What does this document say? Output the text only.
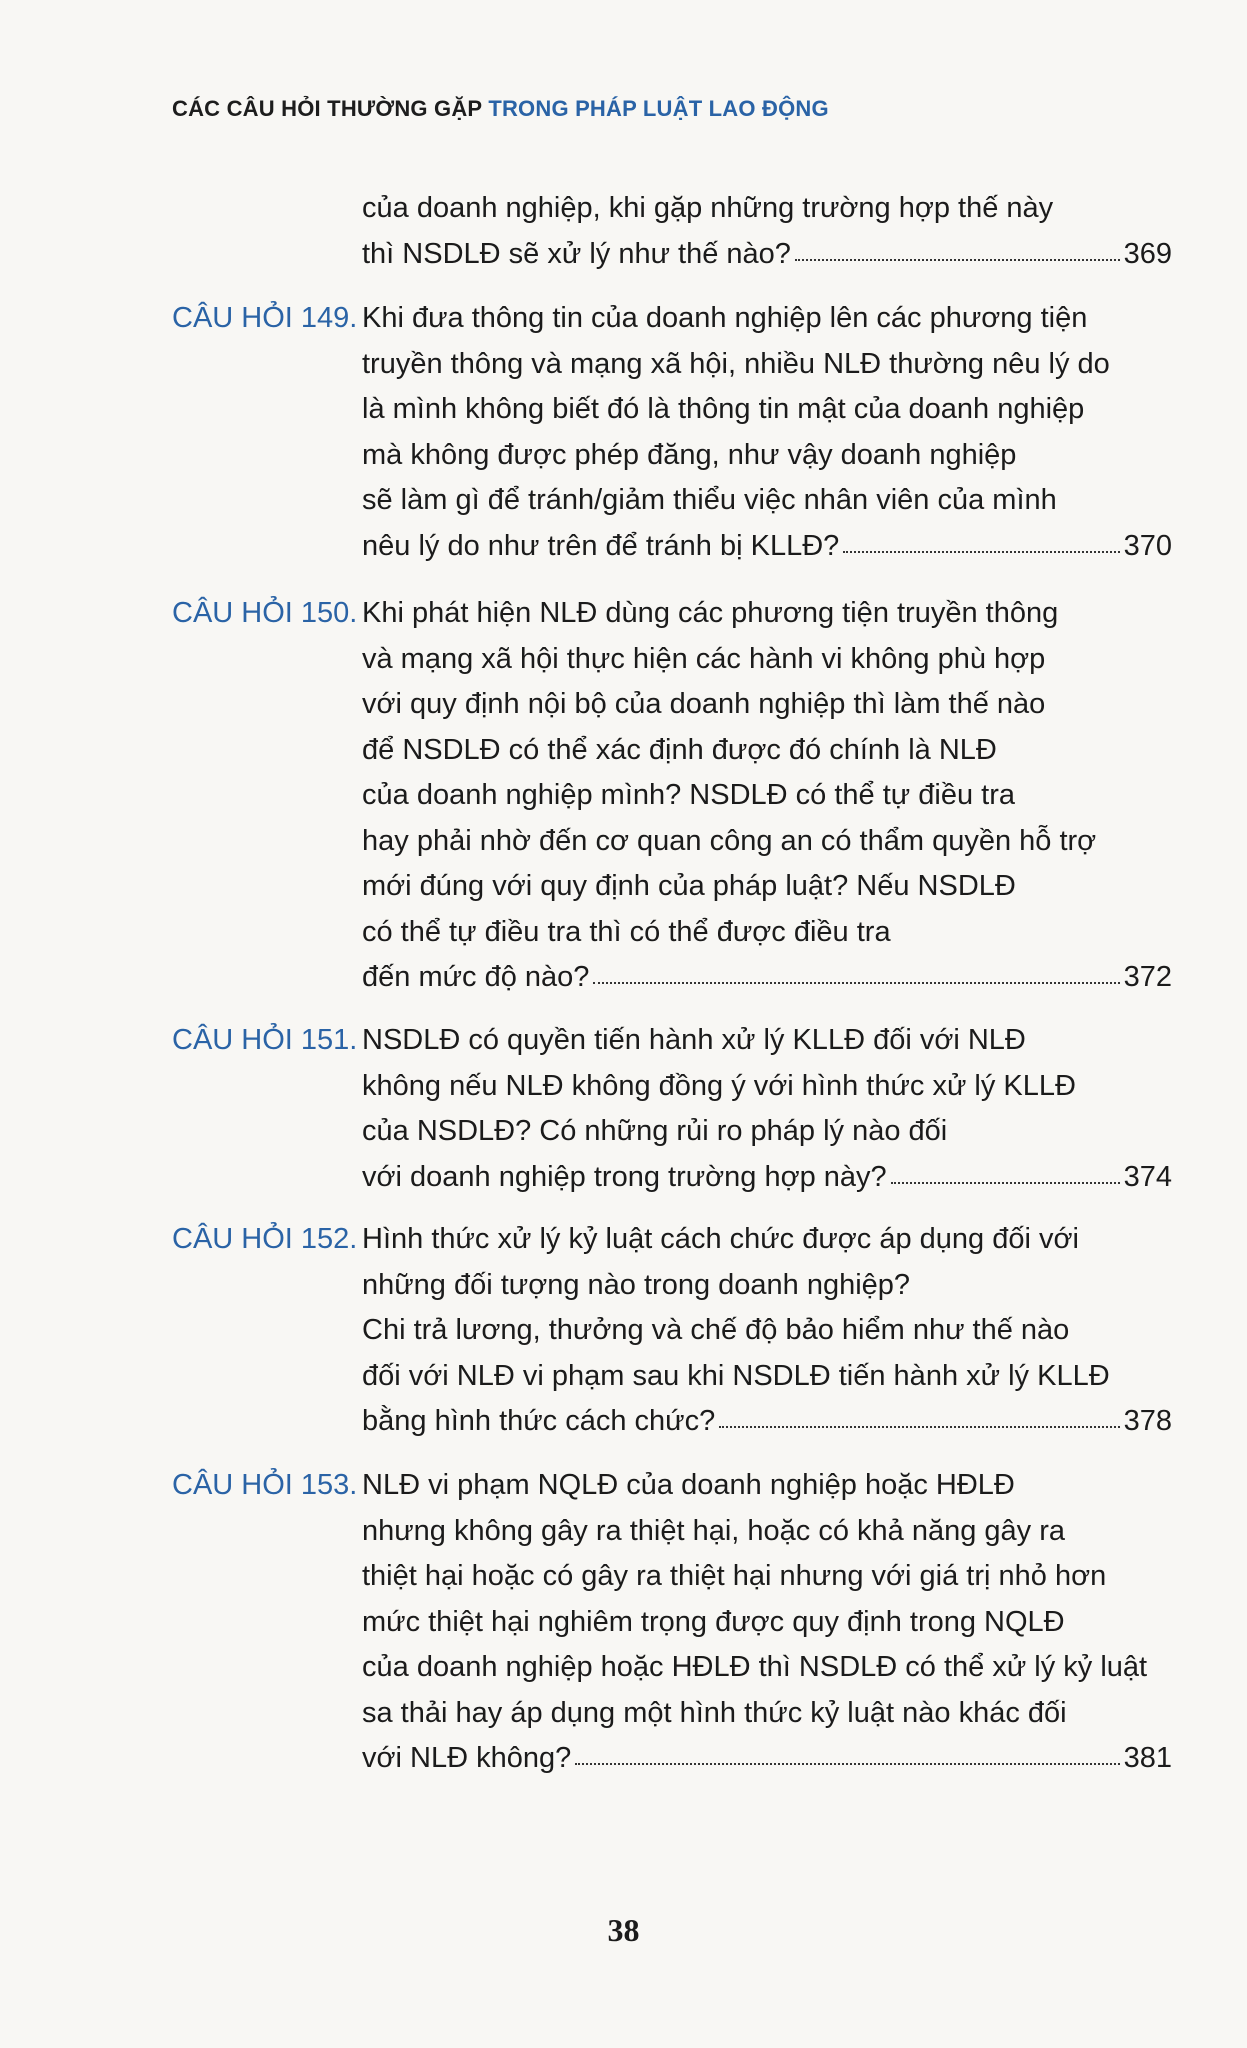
CÁC CÂU HỎI THƯỜNG GẶP TRONG PHÁP LUẬT LAO ĐỘNG
của doanh nghiệp, khi gặp những trường hợp thế này
thì NSDLĐ sẽ xử lý như thế nào?	369
CÂU HỎI 149. Khi đưa thông tin của doanh nghiệp lên các phương tiện
truyền thông và mạng xã hội, nhiều NLĐ thường nêu lý do
là mình không biết đó là thông tin mật của doanh nghiệp
mà không được phép đăng, như vậy doanh nghiệp
sẽ làm gì để tránh/giảm thiểu việc nhân viên của mình
nêu lý do như trên để tránh bị KLLĐ?	370
CÂU HỎI 150. Khi phát hiện NLĐ dùng các phương tiện truyền thông
và mạng xã hội thực hiện các hành vi không phù hợp
với quy định nội bộ của doanh nghiệp thì làm thế nào
để NSDLĐ có thể xác định được đó chính là NLĐ
của doanh nghiệp mình? NSDLĐ có thể tự điều tra
hay phải nhờ đến cơ quan công an có thẩm quyền hỗ trợ
mới đúng với quy định của pháp luật? Nếu NSDLĐ
có thể tự điều tra thì có thể được điều tra
đến mức độ nào?	372
CÂU HỎI 151. NSDLĐ có quyền tiến hành xử lý KLLĐ đối với NLĐ
không nếu NLĐ không đồng ý với hình thức xử lý KLLĐ
của NSDLĐ? Có những rủi ro pháp lý nào đối
với doanh nghiệp trong trường hợp này?	374
CÂU HỎI 152. Hình thức xử lý kỷ luật cách chức được áp dụng đối với
những đối tượng nào trong doanh nghiệp?
Chi trả lương, thưởng và chế độ bảo hiểm như thế nào
đối với NLĐ vi phạm sau khi NSDLĐ tiến hành xử lý KLLĐ
bằng hình thức cách chức?	378
CÂU HỎI 153. NLĐ vi phạm NQLĐ của doanh nghiệp hoặc HĐLĐ
nhưng không gây ra thiệt hại, hoặc có khả năng gây ra
thiệt hại hoặc có gây ra thiệt hại nhưng với giá trị nhỏ hơn
mức thiệt hại nghiêm trọng được quy định trong NQLĐ
của doanh nghiệp hoặc HĐLĐ thì NSDLĐ có thể xử lý kỷ luật
sa thải hay áp dụng một hình thức kỷ luật nào khác đối
với NLĐ không?	381
38
